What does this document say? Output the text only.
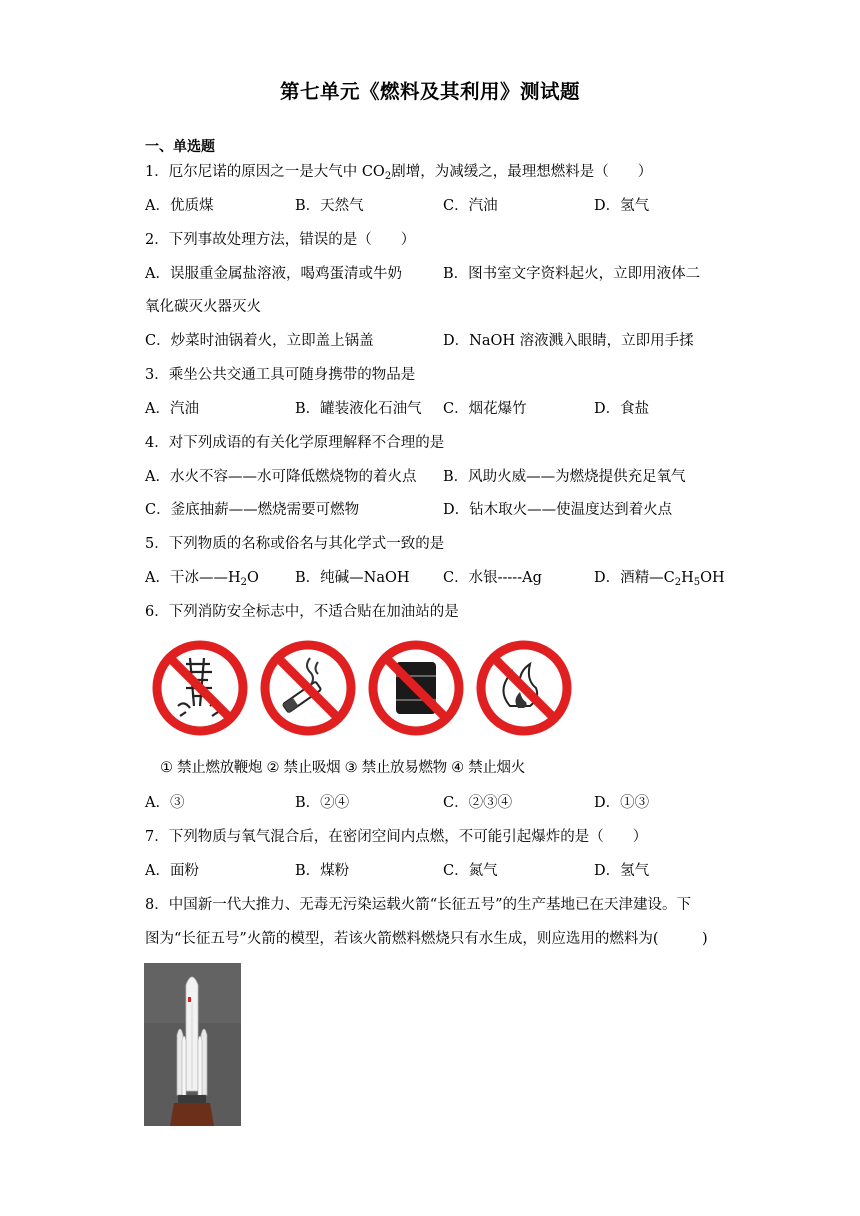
第七单元《燃料及其利用》测试题
一、单选题
1．厄尔尼诺的原因之一是大气中 $CO_2$剧增，为减缓之，最理想燃料是（　　）
A．优质煤	B．天然气	C．汽油	D．氢气
2．下列事故处理方法，错误的是（　　）
A．误服重金属盐溶液，喝鸡蛋清或牛奶	B．图书室文字资料起火，立即用液体二
氧化碳灭火器灭火
C．炒菜时油锅着火，立即盖上锅盖	D．NaOH 溶液溅入眼睛，立即用手揉
3．乘坐公共交通工具可随身携带的物品是
A．汽油	B．罐装液化石油气 C．烟花爆竹	D．食盐
4．对下列成语的有关化学原理解释不合理的是
A．水火不容——水可降低燃烧物的着火点 B．风助火威——为燃烧提供充足氧气
C．釜底抽薪——燃烧需要可燃物	D．钻木取火——使温度达到着火点
5．下列物质的名称或俗名与其化学式一致的是
A．干冰$——H_2O$ B．纯碱—NaOH C．水银-----Ag	D．酒精$—C_2H_5OH$
6．下列消防安全标志中，不适合贴在加油站的是
① 禁止燃放鞭炮 ② 禁止吸烟 ③ 禁止放易燃物 ④ 禁止烟火
A．③	B．②④	C．②③④	D．①③
7．下列物质与氧气混合后，在密闭空间内点燃，不可能引起爆炸的是（　　）
A．面粉	B．煤粉	C．氮气	D．氢气
8．中国新一代大推力、无毒无污染运载火箭“长征五号”的生产基地已在天津建设。下
图为“长征五号”火箭的模型，若该火箭燃料燃烧只有水生成，则应选用的燃料为(　　　)
